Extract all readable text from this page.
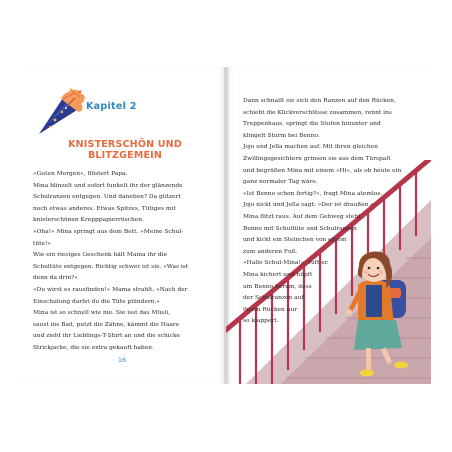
Kapitel 2
KNISTERSCHÖN UND BLITZGEMEIN

»Guten Morgen«, flüstert Papa.

Mina blinzelt und sofort funkelt ihr der glänzende

Schulranzen entgegen. Und daneben? Da glitzert

noch etwas anderes. Etwas Spitzes, Tütiges mit

knisterschönen Krepppapierrüschen.

»Oha!« Mina springt aus dem Bett. »Meine Schul-

tüte!«

Wie ein riesiges Geschenk hält Mama ihr die

Schultüte entgegen. Richtig schwer ist sie. »Was ist

denn da drin?«

»Du wirst es rausfinden!« Mama strahlt. »Nach der

Einschulung darfst du die Tüte plündern.«

Mina ist so schnell wie nie. Sie isst das Müsli,

saust ins Bad, putzt die Zähne, kämmt die Haare

und zieht ihr Lieblings-T-Shirt an und die schicke

Strickjacke, die sie extra gekauft haben.

16

Dann schnallt sie sich den Ranzen auf den Rücken,

schiebt die Klickverschlüsse zusammen, rennt ins

Treppenhaus, springt die Stufen hinunter und

klingelt Sturm bei Benno.

Jojo und Jella machen auf. Mit ihren gleichen

Zwillingsgesichtern grinsen sie aus dem Türspalt

und begrüßen Mina mit einem »Hi«, als ob heute ein

ganz normaler Tag wäre.

»Ist Benno schon fertig?«, fragt Mina atemlos.

Jojo nickt und Jella sagt: »Der ist draußen.«

Mina flitzt raus. Auf dem Gehweg steht

Benno mit Schultüte und Schulranzen

und kickt ein Steinchen von einem

zum anderen Fuß.

»Hallo Schul-Mina!«, ruft er.

Mina kichert und hüpft

um Benno herum, dass

der Schulranzen auf

ihrem Rücken nur

so klappert.
